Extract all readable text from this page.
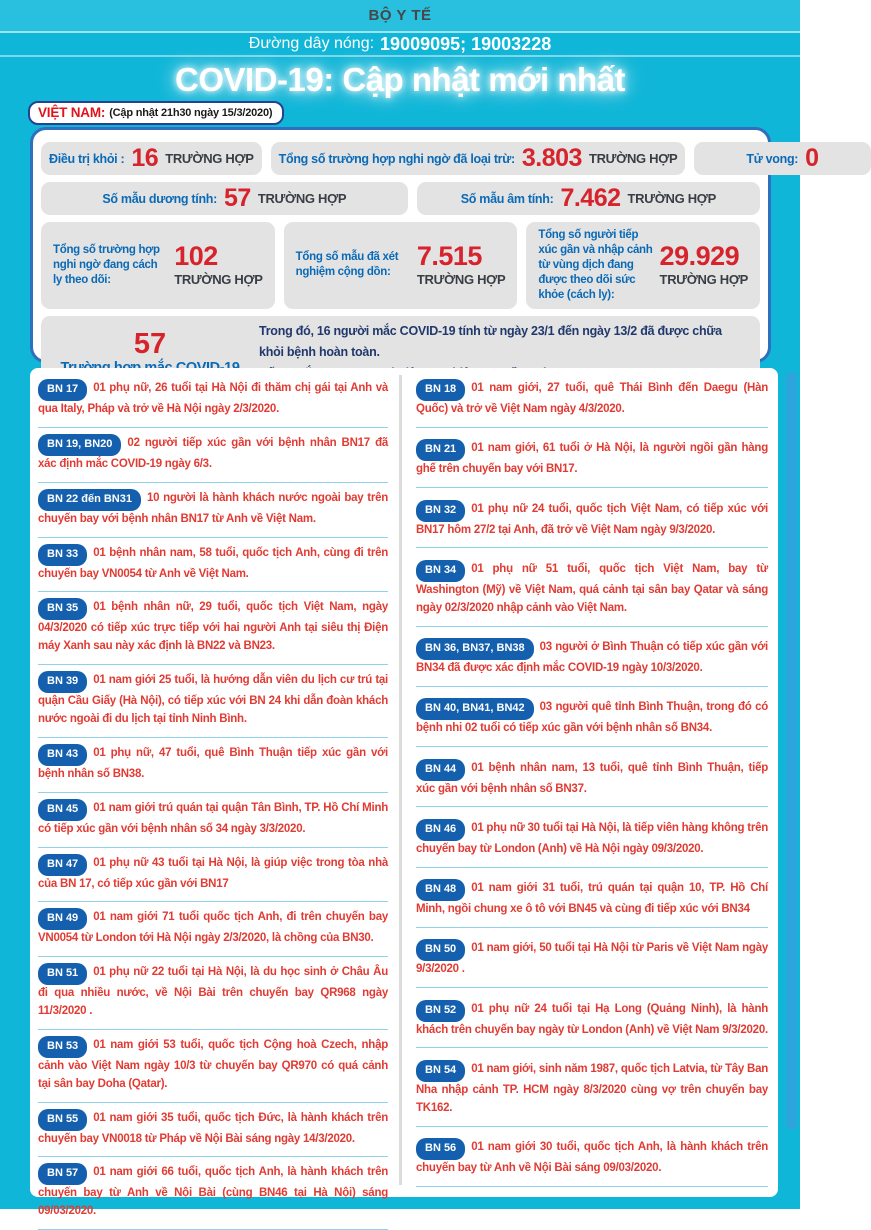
BỘ Y TẾ
Đường dây nóng: 19009095; 19003228
COVID-19: Cập nhật mới nhất
VIỆT NAM: (Cập nhật 21h30 ngày 15/3/2020)
Điều trị khỏi : 16 TRƯỜNG HỢP Tổng số trường hợp nghi ngờ đã loại trừ: 3.803 TRƯỜNG HỢP	Tử vong: 0
Số mẫu dương tính: 57 TRƯỜNG HỢP	Số mẫu âm tính: 7.462 TRƯỜNG HỢP
Tổng số trường hợp nghi ngờ đang cách ly theo dõi:
102
TRƯỜNG HỢP
Tổng số mẫu đã xét nghiệm cộng dồn:
7.515
TRƯỜNG HỢP
Tổng số người tiếp xúc gần và nhập cảnh từ vùng dịch đang được theo dõi sức khỏe (cách ly):
29.929
TRƯỜNG HỢP
57	Trong đó, 16 người mắc COVID-19 tính từ ngày 23/1 đến ngày 13/2 đã được chữa khỏi bệnh hoàn toàn.
BN 17 01 phụ nữ, 26 tuổi tại Hà Nội đi thăm chị gái tại Anh và qua Italy, Pháp và trở về Hà Nội ngày 2/3/2020.
BN 19, BN20 02 người tiếp xúc gần với bệnh nhân BN17 đã xác định mắc COVID-19 ngày 6/3.
BN 22 đến BN31 10 người là hành khách nước ngoài bay trên chuyến bay với bệnh nhân BN17 từ Anh về Việt Nam.
BN 33 01 bệnh nhân nam, 58 tuổi, quốc tịch Anh, cùng đi trên chuyến bay VN0054 từ Anh về Việt Nam.
BN 35 01 bệnh nhân nữ, 29 tuổi, quốc tịch Việt Nam, ngày 04/3/2020 có tiếp xúc trực tiếp với hai người Anh tại siêu thị Điện máy Xanh sau này xác định là BN22 và BN23.
BN 39 01 nam giới 25 tuổi, là hướng dẫn viên du lịch cư trú tại quận Cầu Giấy (Hà Nội), có tiếp xúc với BN 24 khi dẫn đoàn khách nước ngoài đi du lịch tại tỉnh Ninh Bình.
BN 43 01 phụ nữ, 47 tuổi, quê Bình Thuận tiếp xúc gần với bệnh nhân số BN38.
BN 45 01 nam giới trú quán tại quận Tân Bình, TP. Hồ Chí Minh có tiếp xúc gần với bệnh nhân số 34 ngày 3/3/2020.
BN 47 01 phụ nữ 43 tuổi tại Hà Nội, là giúp việc trong tòa nhà của BN 17, có tiếp xúc gần với BN17
BN 49 01 nam giới 71 tuổi quốc tịch Anh, đi trên chuyến bay VN0054 từ London tới Hà Nội ngày 2/3/2020, là chồng của BN30.
BN 51 01 phụ nữ 22 tuổi tại Hà Nội, là du học sinh ở Châu Âu đi qua nhiều nước, về Nội Bài trên chuyến bay QR968 ngày 11/3/2020 .
BN 53 01 nam giới 53 tuổi, quốc tịch Cộng hoà Czech, nhập cảnh vào Việt Nam ngày 10/3 từ chuyến bay QR970 có quá cảnh tại sân bay Doha (Qatar).
BN 55 01 nam giới 35 tuổi, quốc tịch Đức, là hành khách trên chuyến bay VN0018 từ Pháp về Nội Bài sáng ngày 14/3/2020.
BN 57 01 nam giới 66 tuổi, quốc tịch Anh, là hành khách trên chuyến bay từ Anh về Nội Bài (cùng BN46 tại Hà Nội) sáng 09/03/2020.
BN 18 01 nam giới, 27 tuổi, quê Thái Bình đến Daegu (Hàn Quốc) và trở về Việt Nam ngày 4/3/2020.
BN 21 01 nam giới, 61 tuổi ở Hà Nội, là người ngồi gần hàng ghế trên chuyến bay với BN17.
BN 32 01 phụ nữ 24 tuổi, quốc tịch Việt Nam, có tiếp xúc với BN17 hôm 27/2 tại Anh, đã trở về Việt Nam ngày 9/3/2020.
BN 34 01 phụ nữ 51 tuổi, quốc tịch Việt Nam, bay từ Washington (Mỹ) về Việt Nam, quá cảnh tại sân bay Qatar và sáng ngày 02/3/2020 nhập cảnh vào Việt Nam.
BN 36, BN37, BN38 03 người ở Bình Thuận có tiếp xúc gần với BN34 đã được xác định mắc COVID-19 ngày 10/3/2020.
BN 40, BN41, BN42 03 người quê tỉnh Bình Thuận, trong đó có bệnh nhi 02 tuổi có tiếp xúc gần với bệnh nhân số BN34.
BN 44 01 bệnh nhân nam, 13 tuổi, quê tỉnh Bình Thuận, tiếp xúc gần với bệnh nhân số BN37.
BN 46 01 phụ nữ 30 tuổi tại Hà Nội, là tiếp viên hàng không trên chuyến bay từ London (Anh) về Hà Nội ngày 09/3/2020.
BN 48 01 nam giới 31 tuổi, trú quán tại quận 10, TP. Hồ Chí Minh, ngồi chung xe ô tô với BN45 và cùng đi tiếp xúc với BN34
BN 50 01 nam giới, 50 tuổi tại Hà Nội từ Paris về Việt Nam ngày 9/3/2020 .
BN 52 01 phụ nữ 24 tuổi tại Hạ Long (Quảng Ninh), là hành khách trên chuyến bay ngày từ London (Anh) về Việt Nam 9/3/2020.
BN 54 01 nam giới, sinh năm 1987, quốc tịch Latvia, từ Tây Ban Nha nhập cảnh TP. HCM ngày 8/3/2020 cùng vợ trên chuyến bay TK162.
BN 56 01 nam giới 30 tuổi, quốc tịch Anh, là hành khách trên chuyến bay từ Anh về Nội Bài sáng 09/03/2020.
